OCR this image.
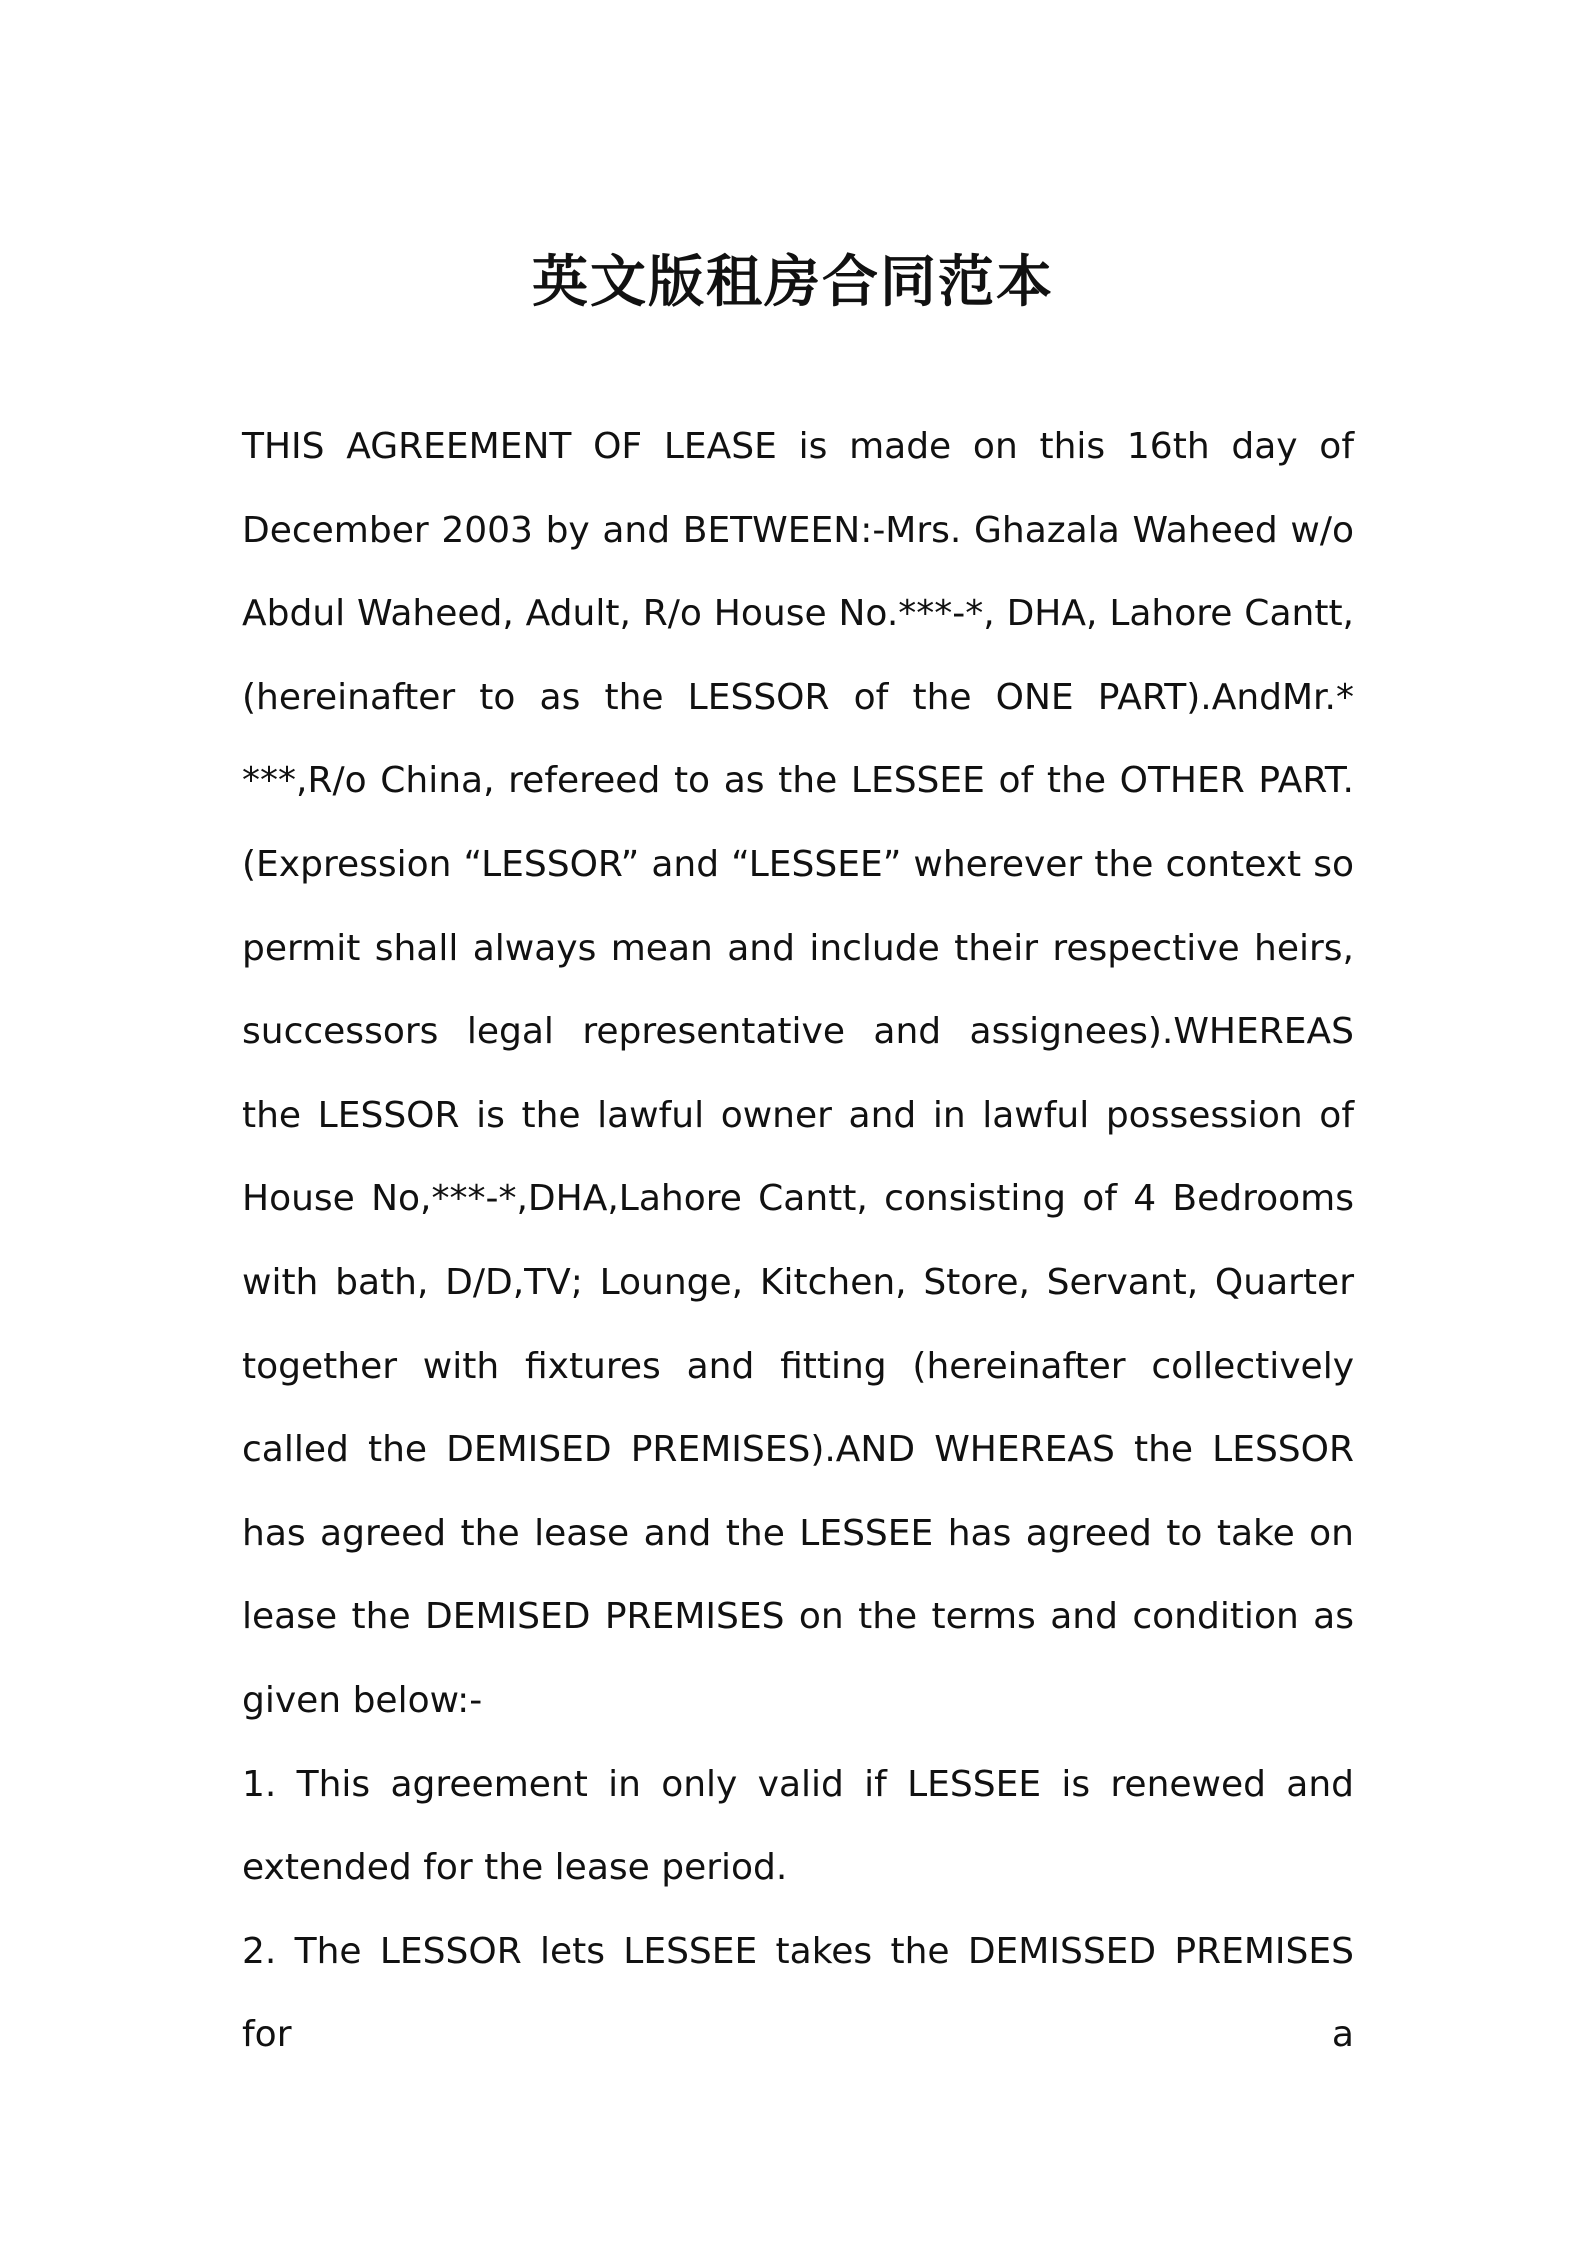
英文版租房合同范本

THIS AGREEMENT OF LEASE is made on this 16th day of December 2003 by and BETWEEN:-Mrs. Ghazala Waheed w/o Abdul Waheed, Adult, R/o House No.***-*, DHA, Lahore Cantt, (hereinafter to as the LESSOR of the ONE PART).AndMr.* ***,R/o China, refereed to as the LESSEE of the OTHER PART.(Expression “LESSOR” and “LESSEE” wherever the context so permit shall always mean and include their respective heirs, successors legal representative and assignees).WHEREAS the LESSOR is the lawful owner and in lawful possession of House No,***-*,DHA,Lahore Cantt, consisting of 4 Bedrooms with bath, D/D,TV; Lounge, Kitchen, Store, Servant, Quarter together with fixtures and fitting (hereinafter collectively called the DEMISED PREMISES).AND WHEREAS the LESSOR has agreed the lease and the LESSEE has agreed to take on lease the DEMISED PREMISES on the terms and condition as given below:-

1. This agreement in only valid if LESSEE is renewed and extended for the lease period.

2. The LESSOR lets LESSEE takes the DEMISSED PREMISES for a
